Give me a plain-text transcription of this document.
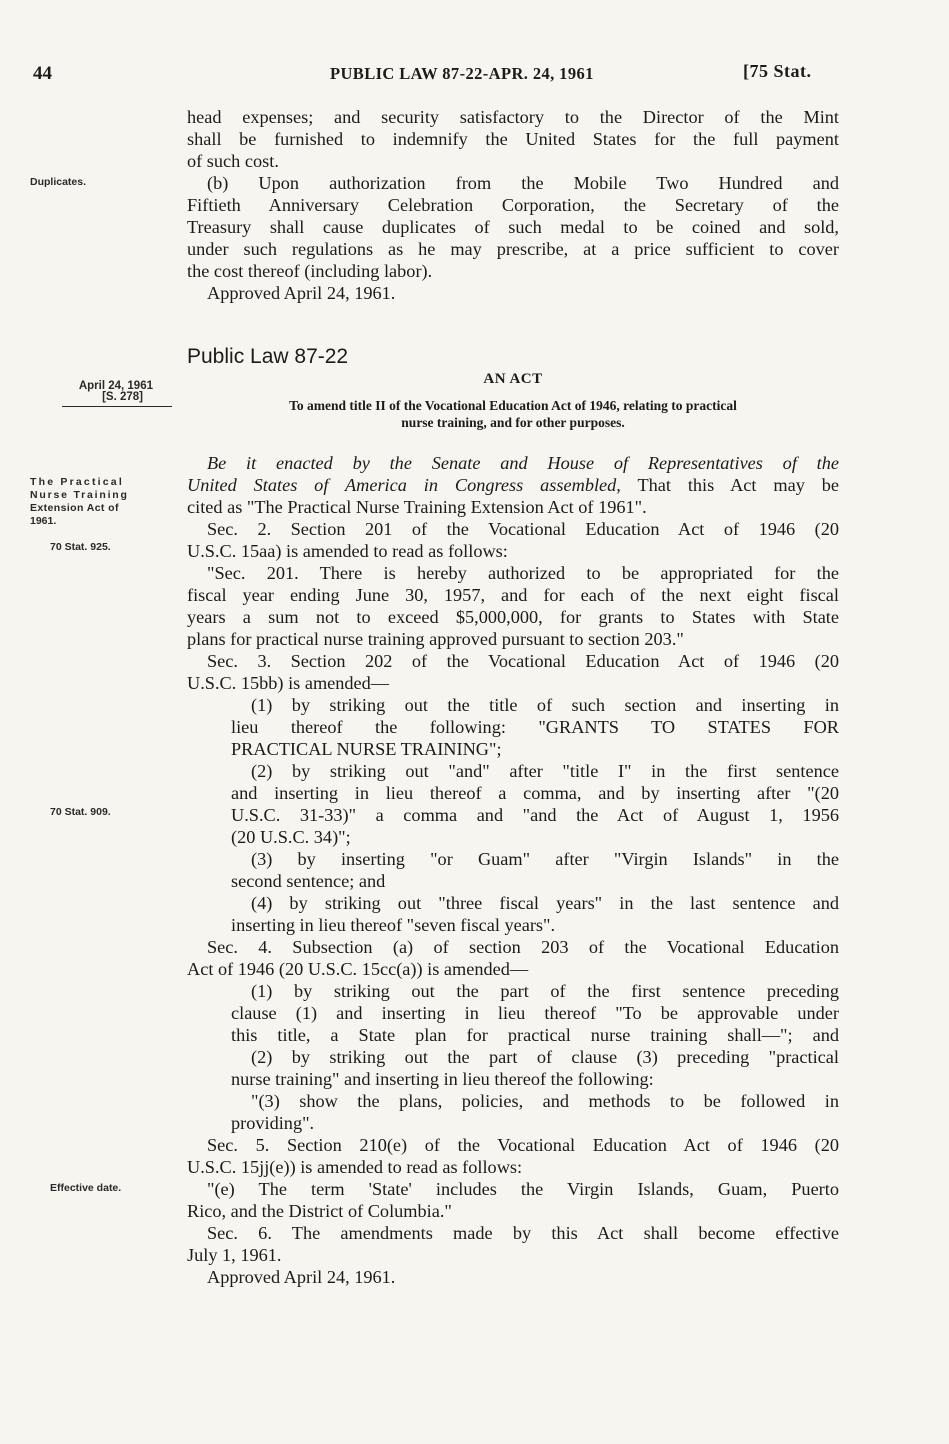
44	PUBLIC LAW 87-22-APR. 24, 1961	[75 Stat.
Duplicates.
April 24, 1961
[S. 278]
The Practical
Nurse Training
Extension Act of
1961.
70 Stat. 925.
70 Stat. 909.
Effective date.
head expenses; and security satisfactory to the Director of the Mint
shall be furnished to indemnify the United States for the full payment
of such cost.
(b) Upon authorization from the Mobile Two Hundred and
Fiftieth Anniversary Celebration Corporation, the Secretary of the
Treasury shall cause duplicates of such medal to be coined and sold,
under such regulations as he may prescribe, at a price sufficient to cover
the cost thereof (including labor).
Approved April 24, 1961.
Public Law 87-22
AN ACT
To amend title II of the Vocational Education Act of 1946, relating to practical
nurse training, and for other purposes.
Be it enacted by the Senate and House of Representatives of the
United States of America in Congress assembled, That this Act may be
cited as "The Practical Nurse Training Extension Act of 1961".
Sec. 2. Section 201 of the Vocational Education Act of 1946 (20
U.S.C. 15aa) is amended to read as follows:
"Sec. 201. There is hereby authorized to be appropriated for the
fiscal year ending June 30, 1957, and for each of the next eight fiscal
years a sum not to exceed $5,000,000, for grants to States with State
plans for practical nurse training approved pursuant to section 203."
Sec. 3. Section 202 of the Vocational Education Act of 1946 (20
U.S.C. 15bb) is amended—
(1) by striking out the title of such section and inserting in
lieu thereof the following: "GRANTS TO STATES FOR
PRACTICAL NURSE TRAINING";
(2) by striking out "and" after "title I" in the first sentence
and inserting in lieu thereof a comma, and by inserting after "(20
U.S.C. 31-33)" a comma and "and the Act of August 1, 1956
(20 U.S.C. 34)";
(3) by inserting "or Guam" after "Virgin Islands" in the
second sentence; and
(4) by striking out "three fiscal years" in the last sentence and
inserting in lieu thereof "seven fiscal years".
Sec. 4. Subsection (a) of section 203 of the Vocational Education
Act of 1946 (20 U.S.C. 15cc(a)) is amended—
(1) by striking out the part of the first sentence preceding
clause (1) and inserting in lieu thereof "To be approvable under
this title, a State plan for practical nurse training shall—"; and
(2) by striking out the part of clause (3) preceding "practical
nurse training" and inserting in lieu thereof the following:
"(3) show the plans, policies, and methods to be followed in
providing".
Sec. 5. Section 210(e) of the Vocational Education Act of 1946 (20
U.S.C. 15jj(e)) is amended to read as follows:
"(e) The term 'State' includes the Virgin Islands, Guam, Puerto
Rico, and the District of Columbia."
Sec. 6. The amendments made by this Act shall become effective
July 1, 1961.
Approved April 24, 1961.
